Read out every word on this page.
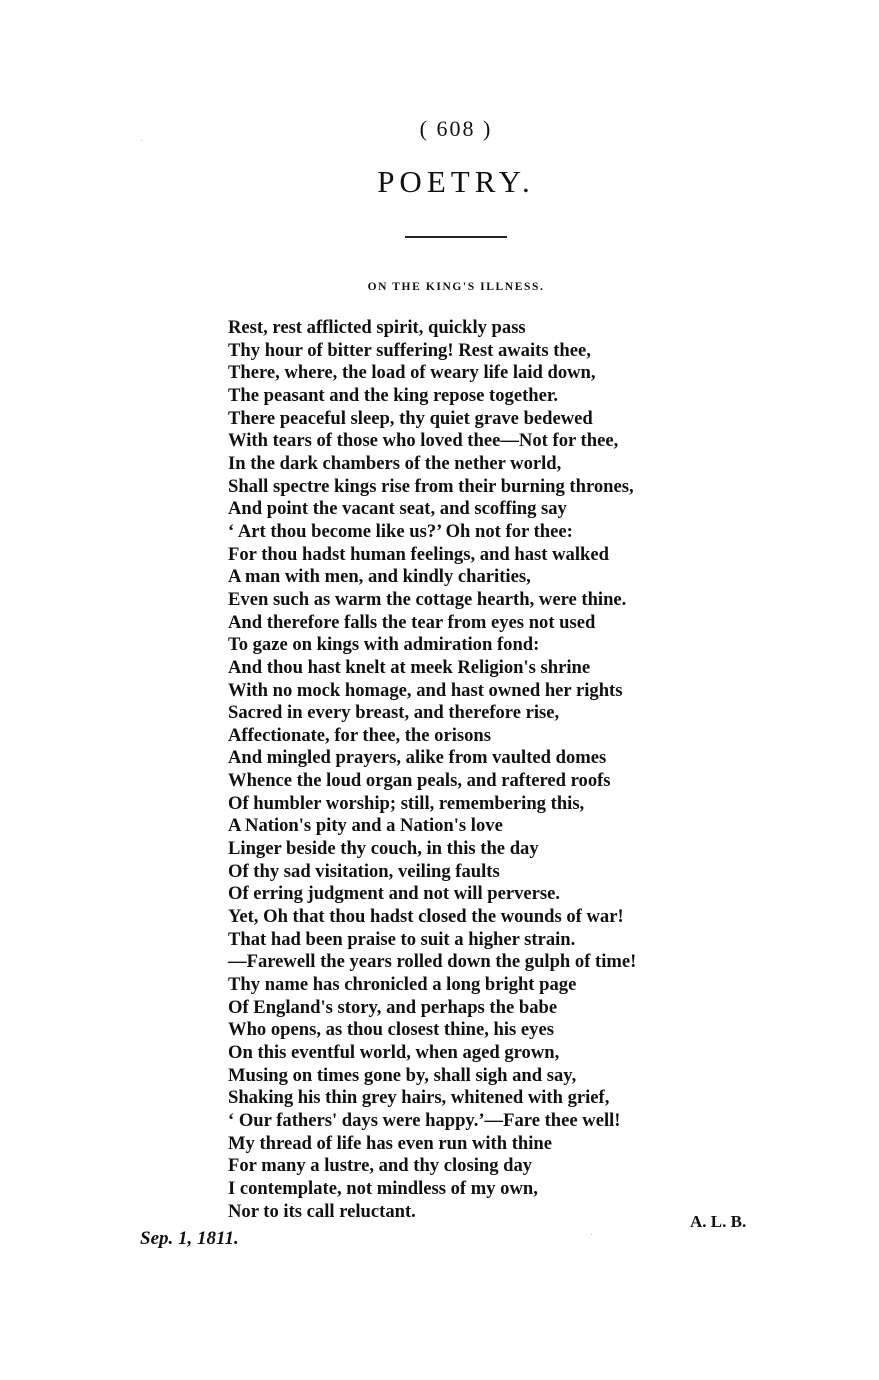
( 608 )
POETRY.
ON THE KING'S ILLNESS.
Rest, rest afflicted spirit, quickly pass
Thy hour of bitter suffering! Rest awaits thee,
There, where, the load of weary life laid down,
The peasant and the king repose together.
There peaceful sleep, thy quiet grave bedewed
With tears of those who loved thee—Not for thee,
In the dark chambers of the nether world,
Shall spectre kings rise from their burning thrones,
And point the vacant seat, and scoffing say
‘ Art thou become like us?’ Oh not for thee:
For thou hadst human feelings, and hast walked
A man with men, and kindly charities,
Even such as warm the cottage hearth, were thine.
And therefore falls the tear from eyes not used
To gaze on kings with admiration fond:
And thou hast knelt at meek Religion's shrine
With no mock homage, and hast owned her rights
Sacred in every breast, and therefore rise,
Affectionate, for thee, the orisons
And mingled prayers, alike from vaulted domes
Whence the loud organ peals, and raftered roofs
Of humbler worship; still, remembering this,
A Nation's pity and a Nation's love
Linger beside thy couch, in this the day
Of thy sad visitation, veiling faults
Of erring judgment and not will perverse.
Yet, Oh that thou hadst closed the wounds of war!
That had been praise to suit a higher strain.
—Farewell the years rolled down the gulph of time!
Thy name has chronicled a long bright page
Of England's story, and perhaps the babe
Who opens, as thou closest thine, his eyes
On this eventful world, when aged grown,
Musing on times gone by, shall sigh and say,
Shaking his thin grey hairs, whitened with grief,
‘ Our fathers' days were happy.’—Fare thee well!
My thread of life has even run with thine
For many a lustre, and thy closing day
I contemplate, not mindless of my own,
Nor to its call reluctant.	A. L. B.
Sep. 1, 1811.
·
·
